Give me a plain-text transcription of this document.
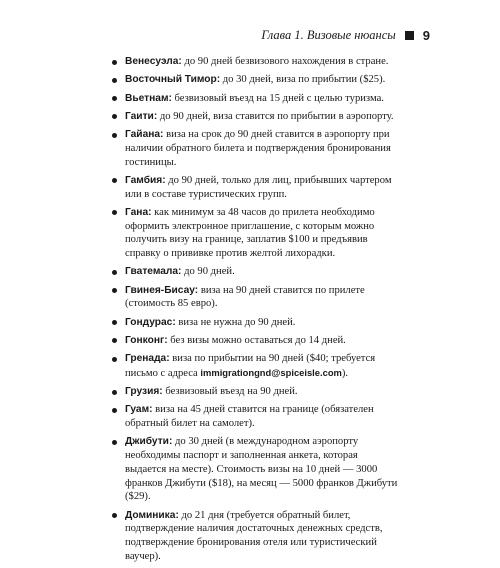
Глава 1. Визовые нюансы 9
Венесуэла: до 90 дней безвизового нахождения в стране.
Восточный Тимор: до 30 дней, виза по прибытии ($25).
Вьетнам: безвизовый въезд на 15 дней с целью туризма.
Гаити: до 90 дней, виза ставится по прибытии в аэропорту.
Гайана: виза на срок до 90 дней ставится в аэропорту при наличии обратного билета и подтверждения бронирования гостиницы.
Гамбия: до 90 дней, только для лиц, прибывших чартером или в составе туристических групп.
Гана: как минимум за 48 часов до прилета необходимо оформить электронное приглашение, с которым можно получить визу на границе, заплатив $100 и предъявив справку о прививке против желтой лихорадки.
Гватемала: до 90 дней.
Гвинея-Бисау: виза на 90 дней ставится по прилете (стоимость 85 евро).
Гондурас: виза не нужна до 90 дней.
Гонконг: без визы можно оставаться до 14 дней.
Гренада: виза по прибытии на 90 дней ($40; требуется письмо с адреса immigrationgnd@spiceisle.com).
Грузия: безвизовый въезд на 90 дней.
Гуам: виза на 45 дней ставится на границе (обязателен обратный билет на самолет).
Джибути: до 30 дней (в международном аэропорту необходимы паспорт и заполненная анкета, которая выдается на месте). Стоимость визы на 10 дней — 3000 франков Джибути ($18), на месяц — 5000 франков Джибути ($29).
Доминика: до 21 дня (требуется обратный билет, подтверждение наличия достаточных денежных средств, подтверждение бронирования отеля или туристический ваучер).
